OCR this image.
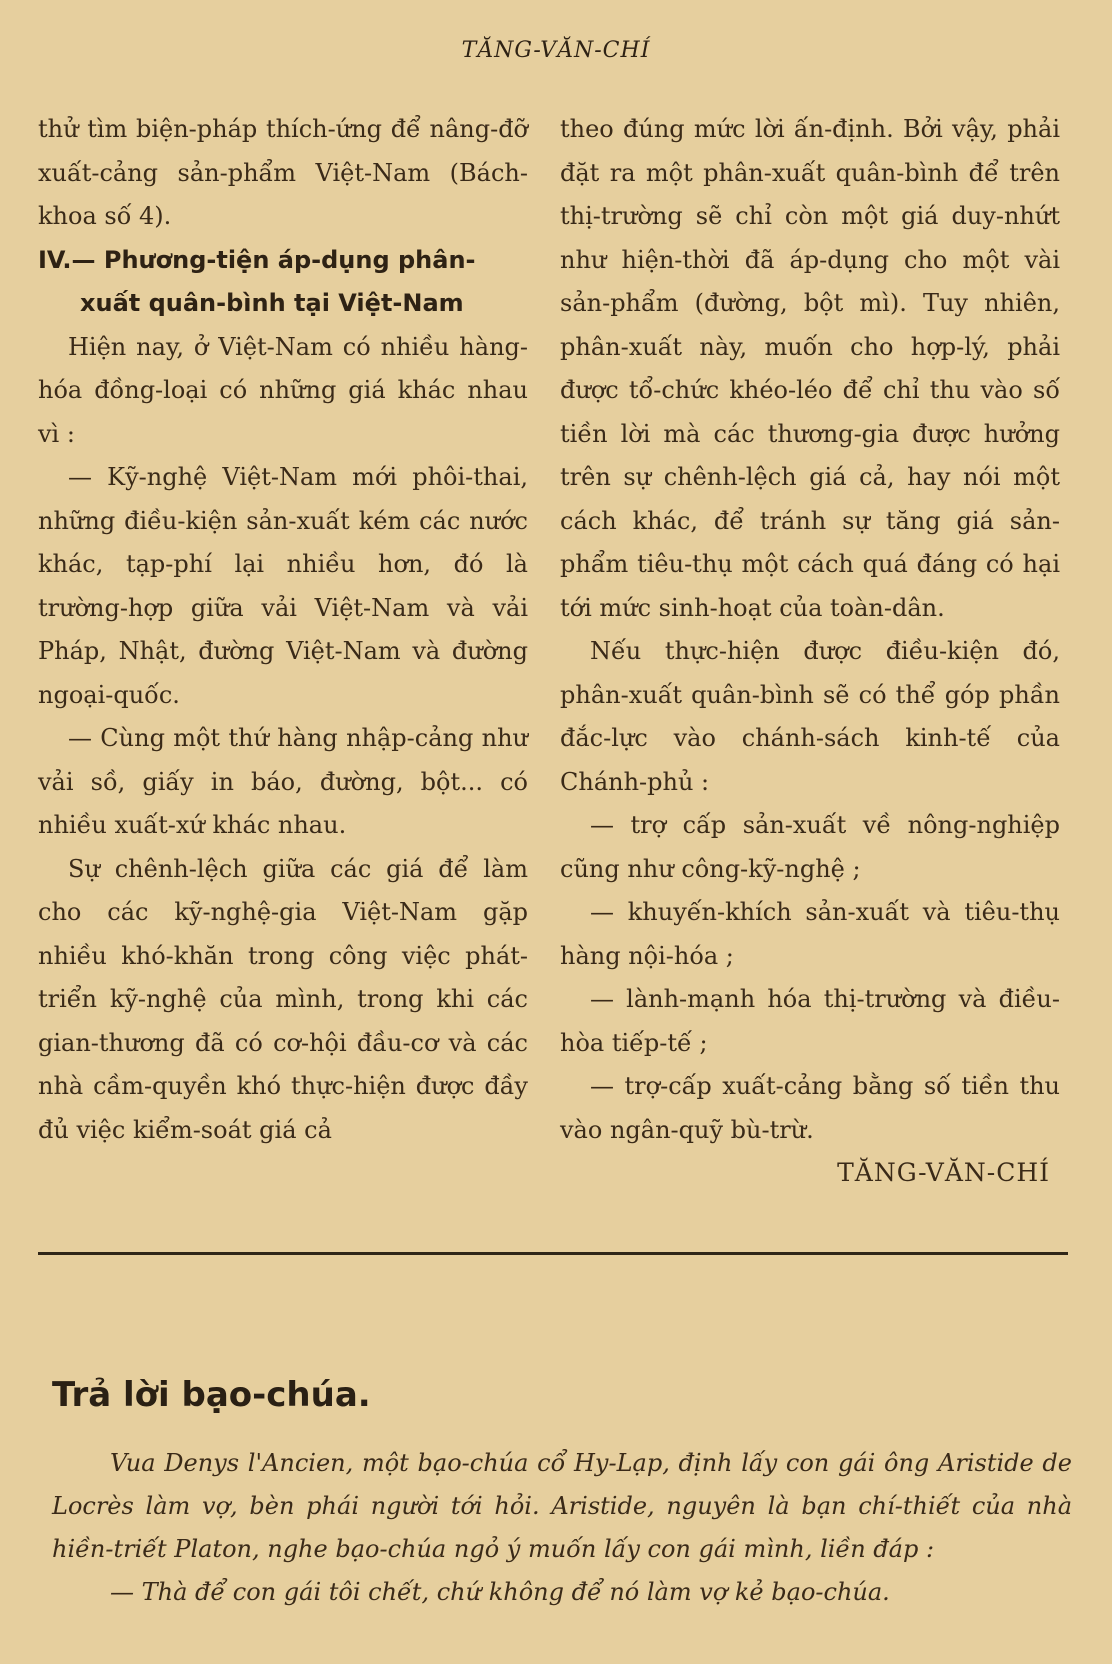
TĂNG-VĂN-CHÍ

thử tìm biện-pháp thích-ứng để nâng-đỡ xuất-cảng sản-phẩm Việt-Nam (Bách-khoa số 4).

IV.— Phương-tiện áp-dụng phân-

xuất quân-bình tại Việt-Nam

Hiện nay, ở Việt-Nam có nhiều hàng-hóa đồng-loại có những giá khác nhau vì :

— Kỹ-nghệ Việt-Nam mới phôi-thai, những điều-kiện sản-xuất kém các nước khác, tạp-phí lại nhiều hơn, đó là trường-hợp giữa vải Việt-Nam và vải Pháp, Nhật, đường Việt-Nam và đường ngoại-quốc.

— Cùng một thứ hàng nhập-cảng như vải sồ, giấy in báo, đường, bột... có nhiều xuất-xứ khác nhau.

Sự chênh-lệch giữa các giá để làm cho các kỹ-nghệ-gia Việt-Nam gặp nhiều khó-khăn trong công việc phát-triển kỹ-nghệ của mình, trong khi các gian-thương đã có cơ-hội đầu-cơ và các nhà cầm-quyền khó thực-hiện được đầy đủ việc kiểm-soát giá cả

theo đúng mức lời ấn-định. Bởi vậy, phải đặt ra một phân-xuất quân-bình để trên thị-trường sẽ chỉ còn một giá duy-nhứt như hiện-thời đã áp-dụng cho một vài sản-phẩm (đường, bột mì). Tuy nhiên, phân-xuất này, muốn cho hợp-lý, phải được tổ-chức khéo-léo để chỉ thu vào số tiền lời mà các thương-gia được hưởng trên sự chênh-lệch giá cả, hay nói một cách khác, để tránh sự tăng giá sản-phẩm tiêu-thụ một cách quá đáng có hại tới mức sinh-hoạt của toàn-dân.

Nếu thực-hiện được điều-kiện đó, phân-xuất quân-bình sẽ có thể góp phần đắc-lực vào chánh-sách kinh-tế của Chánh-phủ :

— trợ cấp sản-xuất về nông-nghiệp cũng như công-kỹ-nghệ ;

— khuyến-khích sản-xuất và tiêu-thụ hàng nội-hóa ;

— lành-mạnh hóa thị-trường và điều-hòa tiếp-tế ;

— trợ-cấp xuất-cảng bằng số tiền thu vào ngân-quỹ bù-trừ.

TĂNG-VĂN-CHÍ
Trả lời bạo-chúa.

Vua Denys l'Ancien, một bạo-chúa cổ Hy-Lạp, định lấy con gái ông Aristide de Locrès làm vợ, bèn phái người tới hỏi. Aristide, nguyên là bạn chí-thiết của nhà hiền-triết Platon, nghe bạo-chúa ngỏ ý muốn lấy con gái mình, liền đáp :

— Thà để con gái tôi chết, chứ không để nó làm vợ kẻ bạo-chúa.
